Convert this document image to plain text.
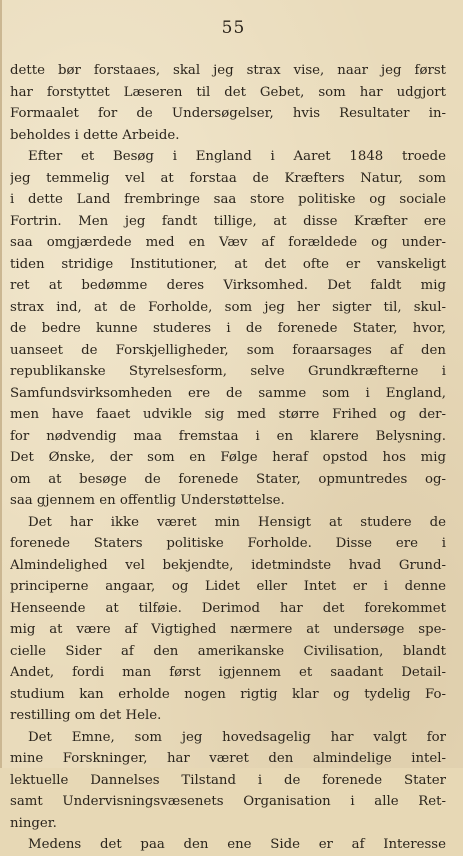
55
dette bør forstaaes, skal jeg strax vise, naar jeg først
har forstyttet Læseren til det Gebet, som har udgjort
Formaalet for de Undersøgelser, hvis Resultater in-
beholdes i dette Arbeide.
Efter et Besøg i England i Aaret 1848 troede
jeg temmelig vel at forstaa de Kræfters Natur, som
i dette Land frembringe saa store politiske og sociale
Fortrin. Men jeg fandt tillige, at disse Kræfter ere
saa omgjærdede med en Væv af forældede og under-
tiden stridige Institutioner, at det ofte er vanskeligt
ret at bedømme deres Virksomhed. Det faldt mig
strax ind, at de Forholde, som jeg her sigter til, skul-
de bedre kunne studeres i de forenede Stater, hvor,
uanseet de Forskjelligheder, som foraarsages af den
republikanske Styrelsesform, selve Grundkræfterne i
Samfundsvirksomheden ere de samme som i England,
men have faaet udvikle sig med større Frihed og der-
for nødvendig maa fremstaa i en klarere Belysning.
Det Ønske, der som en Følge heraf opstod hos mig
om at besøge de forenede Stater, opmuntredes og-
saa gjennem en offentlig Understøttelse.
Det har ikke været min Hensigt at studere de
forenede Staters politiske Forholde. Disse ere i
Almindelighed vel bekjendte, idetmindste hvad Grund-
principerne angaar, og Lidet eller Intet er i denne
Henseende at tilføie. Derimod har det forekommet
mig at være af Vigtighed nærmere at undersøge spe-
cielle Sider af den amerikanske Civilisation, blandt
Andet, fordi man først igjennem et saadant Detail-
studium kan erholde nogen rigtig klar og tydelig Fo-
restilling om det Hele.
Det Emne, som jeg hovedsagelig har valgt for
mine Forskninger, har været den almindelige intel-
lektuelle Dannelses Tilstand i de forenede Stater
samt Undervisningsvæsenets Organisation i alle Ret-
ninger.
Medens det paa den ene Side er af Interesse
